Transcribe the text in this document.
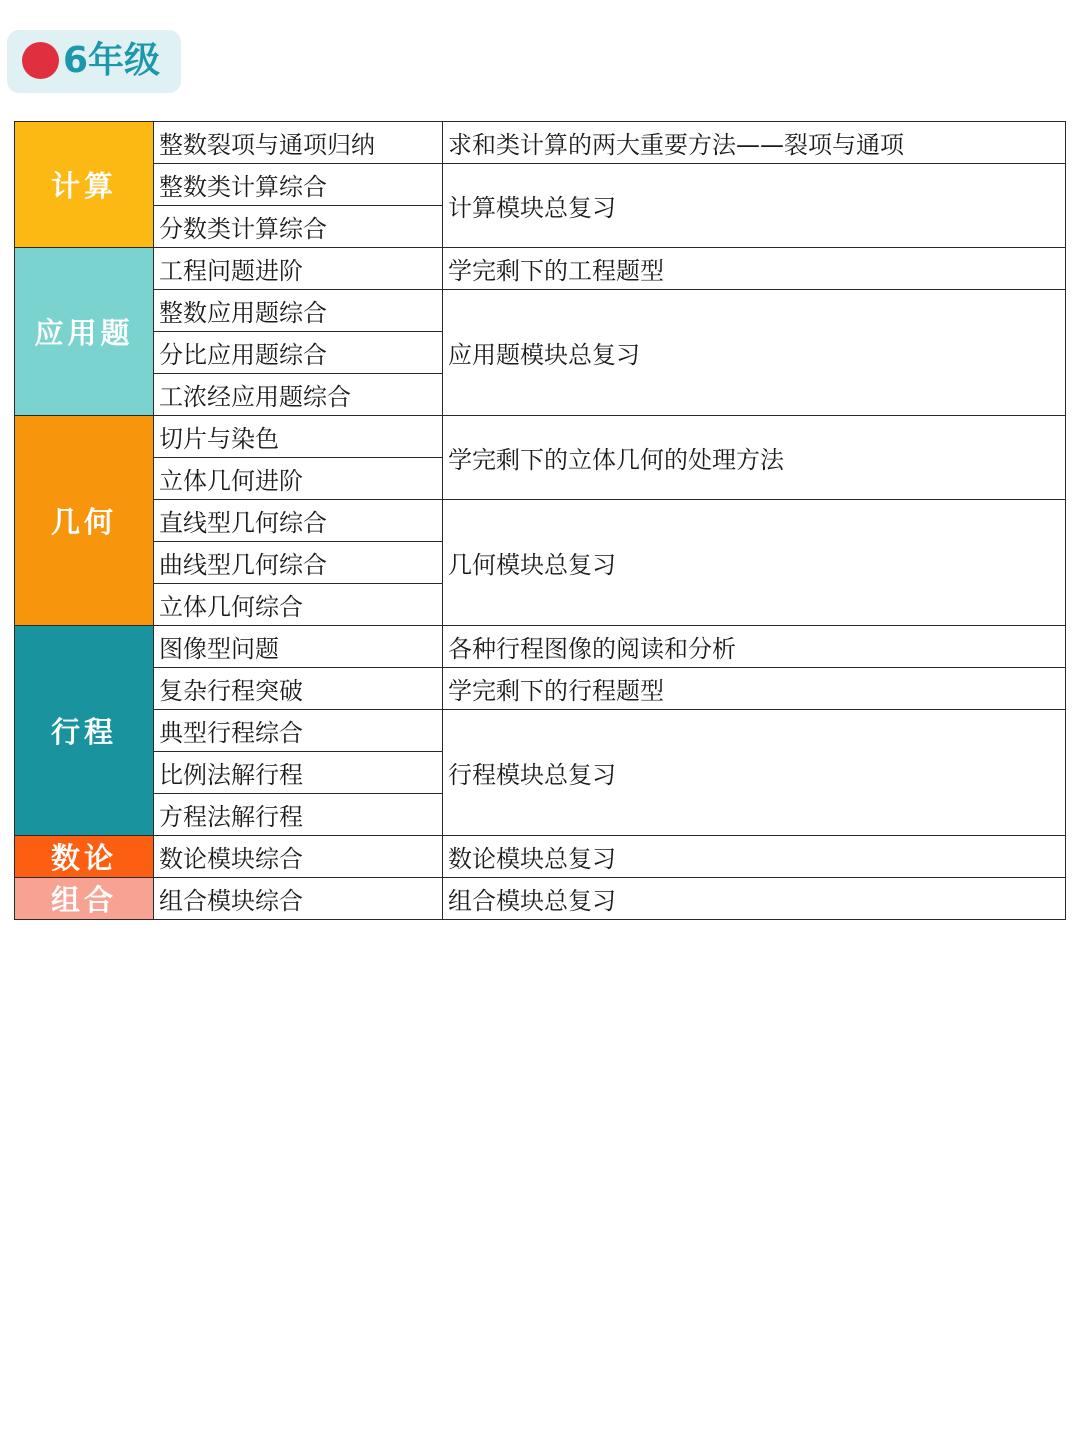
6年级
计算	整数裂项与通项归纳	求和类计算的两大重要方法——裂项与通项
	整数类计算综合	计算模块总复习
	分数类计算综合	
应用题	工程问题进阶	学完剩下的工程题型
	整数应用题综合	应用题模块总复习
	分比应用题综合	
	工浓经应用题综合	
几何	切片与染色	学完剩下的立体几何的处理方法
	立体几何进阶	
	直线型几何综合	几何模块总复习
	曲线型几何综合	
	立体几何综合	
行程	图像型问题	各种行程图像的阅读和分析
	复杂行程突破	学完剩下的行程题型
	典型行程综合	行程模块总复习
	比例法解行程	
	方程法解行程	
数论	数论模块综合	数论模块总复习
组合	组合模块综合	组合模块总复习
